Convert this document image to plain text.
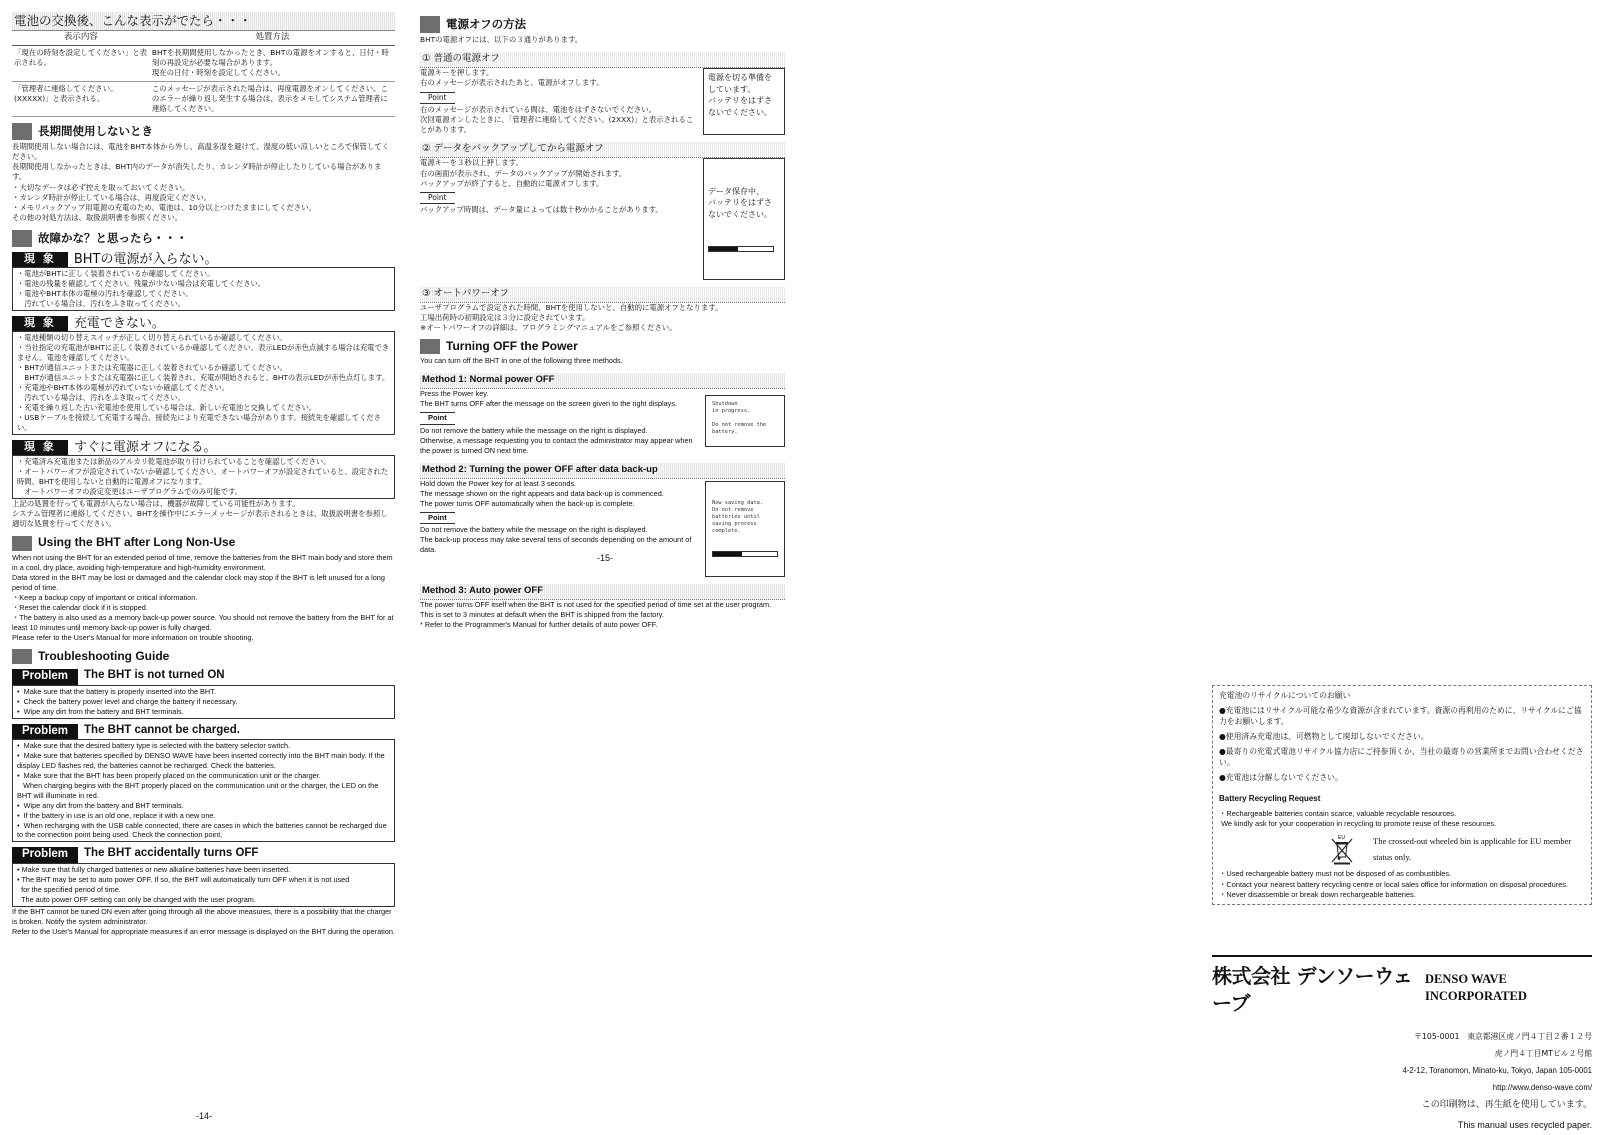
電池の交換後、こんな表示がでたら・・・
表示内容	処置方法
「現在の時刻を設定してください」と表示される。	BHTを長期間使用しなかったとき、BHTの電源をオンすると、日付・時刻の再設定が必要な場合があります。
現在の日付・時刻を設定してください。
「管理者に連絡してください。(XXXXX)」と表示される。	このメッセージが表示された場合は、再度電源をオンしてください。このエラーが繰り返し発生する場合は、表示をメモしてシステム管理者に連絡してください。
長期間使用しないとき
長期間使用しない場合には、電池をBHT本体から外し、高温多湿を避けて、湿度の低い涼しいところで保管してください。
長期間使用しなかったときは、BHT内のデータが消失したり、カレンダ時計が停止したりしている場合があります。
・大切なデータは必ず控えを取っておいてください。
・カレンダ時計が停止している場合は、再度設定ください。
・メモリバックアップ用電源の充電のため、電池は、10分以上つけたままにしてください。
その他の対処方法は、取扱説明書を参照ください。
故障かな？と思ったら・・・
現 象	BHTの電源が入らない。
・電池がBHTに正しく装着されているか確認してください。
・電池の残量を確認してください。残量が少ない場合は充電してください。
・電池やBHT本体の電極の汚れを確認してください。
　汚れている場合は、汚れをふき取ってください。
現 象	充電できない。
・電池種類の切り替えスイッチが正しく切り替えられているか確認してください。
・当社指定の充電池がBHTに正しく装着されているか確認してください。表示LEDが赤色点滅する場合は充電できません。電池を確認してください。
・BHTが通信ユニットまたは充電器に正しく装着されているか確認してください。
　BHTが通信ユニットまたは充電器に正しく装着され、充電が開始されると、BHTの表示LEDが赤色点灯します。
・充電池やBHT本体の電極が汚れていないか確認してください。
　汚れている場合は、汚れをふき取ってください。
・充電を繰り返した古い充電池を使用している場合は、新しい充電池と交換してください。
・USBケーブルを接続して充電する場合、接続先により充電できない場合があります。接続先を確認してください。
現 象	すぐに電源オフになる。
・充電済み充電池または新品のアルカリ乾電池が取り付けられていることを確認してください。
・オートパワーオフが設定されていないか確認してください。オートパワーオフが設定されていると、設定された時間、BHTを使用しないと自動的に電源オフになります。
　オートパワーオフの設定変更はユーザプログラムでのみ可能です。
上記の処置を行っても電源が入らない場合は、機器が故障している可能性があります。
システム管理者に連絡してください。BHTを操作中にエラーメッセージが表示されるときは、取扱説明書を参照し適切な処置を行ってください。
Using the BHT after Long Non-Use
When not using the BHT for an extended period of time, remove the batteries from the BHT main body and store them in a cool, dry place, avoiding high-temperature and high-humidity environment.
Data stored in the BHT may be lost or damaged and the calendar clock may stop if the BHT is left unused for a long period of time.
・Keep a backup copy of important or critical information.
・Reset the calendar clock if it is stopped.
・The battery is also used as a memory back-up power source. You should not remove the battery from the BHT for at least 10 minutes until memory back-up power is fully charged.
Please refer to the User's Manual for more information on trouble shooting.
Troubleshooting Guide
Problem	The BHT is not turned ON
•  Make sure that the battery is properly inserted into the BHT.
•  Check the battery power level and charge the battery if necessary.
•  Wipe any dirt from the battery and BHT terminals.
Problem	The BHT cannot be charged.
•  Make sure that the desired battery type is selected with the battery selector switch.
•  Make sure that batteries specified by DENSO WAVE have been inserted correctly into the BHT main body. If the display LED flashes red, the batteries cannot be recharged. Check the batteries.
•  Make sure that the BHT has been properly placed on the communication unit or the charger.
When charging begins with the BHT properly placed on the communication unit or the charger, the LED on the BHT will illuminate in red.
•  Wipe any dirt from the battery and BHT terminals.
•  If the battery in use is an old one, replace it with a new one.
•  When recharging with the USB cable connected, there are cases in which the batteries cannot be recharged due to the connection point being used. Check the connection point.
Problem	The BHT accidentally turns OFF
• Make sure that fully charged batteries or new alkaline batteries have been inserted.
• The BHT may be set to auto power OFF. If so, the BHT will automatically turn OFF when it is not used
for the specified period of time.
The auto power OFF setting can only be changed with the user program.
If the BHT cannot be tuned ON even after going through all the above measures, there is a possibility that the charger is broken. Notify the system administrator.
Refer to the User's Manual for appropriate measures if an error message is displayed on the BHT during the operation.
-14-
電源オフの方法
BHTの電源オフには、以下の３通りがあります。
① 普通の電源オフ
電源キーを押します。
右のメッセージが表示されたあと、電源がオフします。
Point
右のメッセージが表示されている間は、電池をはずさないでください。
次回電源オンしたときに、「管理者に連絡してください。(2XXX)」と表示されることがあります。
電源を切る準備を
しています。
バッテリをはずさ
ないでください。
② データをバックアップしてから電源オフ
電源キーを３秒以上押します。
右の画面が表示され、データのバックアップが開始されます。
バックアップが終了すると、自動的に電源オフします。
Point
バックアップ時間は、データ量によっては数十秒かかることがあります。

データ保存中、
バッテリをはずさ
ないでください。

③ オートパワーオフ
ユーザプログラムで設定された時間、BHTを使用しないと、自動的に電源オフとなります。
工場出荷時の初期設定は３分に設定されています。
※オートパワーオフの詳細は、プログラミングマニュアルをご参照ください。
Turning OFF the Power
You can turn off the BHT in one of the following three methods.
Method 1: Normal power OFF
Press the Power key.
The BHT turns OFF after the message on the screen given to the right displays.
Point
Do not remove the battery while the message on the right is displayed.
Otherwise, a message requesting you to contact the administrator may appear when the power is turned ON next time.
Shutdown
in progress.

Do not remove the
battery.
Method 2: Turning the power OFF after data back-up
Hold down the Power key for at least 3 seconds.
The message shown on the right appears and data back-up is commenced.
The power turns OFF automatically when the back-up is complete.
Point
Do not remove the battery while the message on the right is displayed.
The back-up process may take several tens of seconds depending on the amount of data.

Now saving data.
Do not remove
batteries until
saving process
complete.

Method 3: Auto power OFF
The power turns OFF itself when the BHT is not used for the specified period of time set at the user program. This is set to 3 minutes at default when the BHT is shipped from the factory.
* Refer to the Programmer's Manual for further details of auto power OFF.
-15-
充電池のリサイクルについてのお願い
●充電池にはリサイクル可能な希少な資源が含まれています。資源の再利用のために、リサイクルにご協力をお願いします。
●使用済み充電池は、可燃物として廃却しないでください。
●最寄りの充電式電池リサイクル協力店にご持参頂くか、当社の最寄りの営業所までお問い合わせください。
●充電池は分解しないでください。
Battery Recycling Request
・Rechargeable batteries contain scarce, valuable recyclable resources.
We kindly ask for your cooperation in recycling to promote reuse of these resources.
EU	The crossed-out wheeled bin is applicable for EU member status only.
・Used rechargeable battery must not be disposed of as combustibles.
・Contact your nearest battery recycling centre or local sales office for information on disposal procedures.
・Never disassemble or break down rechargeable batteries.
株式会社 デンソーウェーブ
DENSO WAVE INCORPORATED
〒105-0001　東京都港区虎ノ門４丁目２番１２号
虎ノ門４丁目MTビル２号館
4-2-12, Toranomon, Minato-ku, Tokyo, Japan 105-0001
http://www.denso-wave.com/
この印刷物は、再生紙を使用しています。
This manual uses recycled paper.
